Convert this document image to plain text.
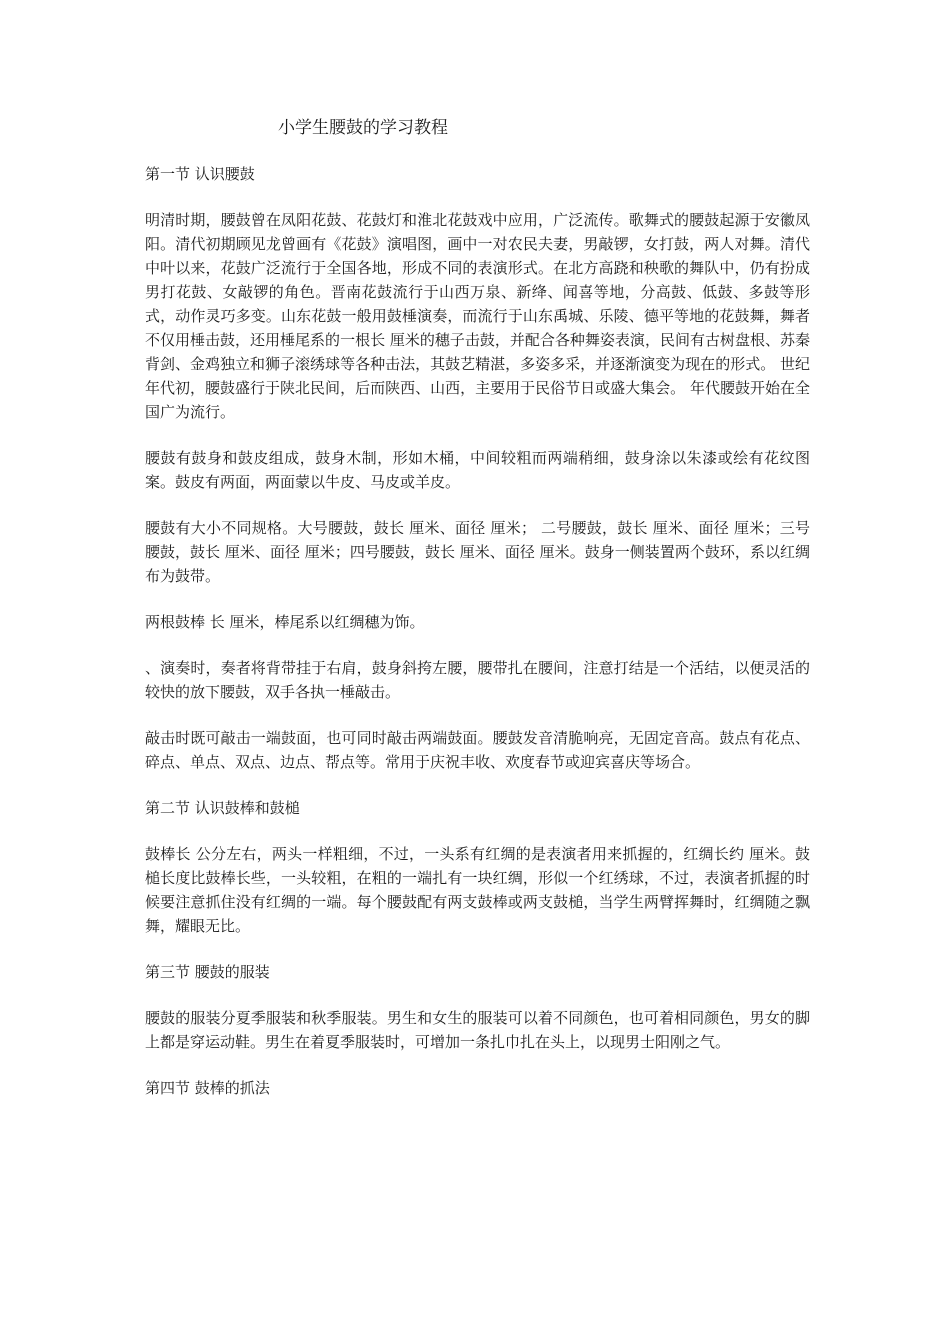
小学生腰鼓的学习教程
第一节 认识腰鼓

明清时期，腰鼓曾在凤阳花鼓、花鼓灯和淮北花鼓戏中应用，广泛流传。歌舞式的腰鼓起源于安徽凤阳。清代初期顾见龙曾画有《花鼓》演唱图，画中一对农民夫妻，男敲锣，女打鼓，两人对舞。清代中叶以来，花鼓广泛流行于全国各地，形成不同的表演形式。在北方高跷和秧歌的舞队中，仍有扮成男打花鼓、女敲锣的角色。晋南花鼓流行于山西万泉、新绛、闻喜等地，分高鼓、低鼓、多鼓等形式，动作灵巧多变。山东花鼓一般用鼓棰演奏，而流行于山东禹城、乐陵、德平等地的花鼓舞，舞者不仅用棰击鼓，还用棰尾系的一根长 厘米的穗子击鼓，并配合各种舞姿表演，民间有古树盘根、苏秦背剑、金鸡独立和狮子滚绣球等各种击法，其鼓艺精湛，多姿多采，并逐渐演变为现在的形式。 世纪 年代初，腰鼓盛行于陕北民间，后而陕西、山西，主要用于民俗节日或盛大集会。 年代腰鼓开始在全国广为流行。

腰鼓有鼓身和鼓皮组成，鼓身木制，形如木桶，中间较粗而两端稍细，鼓身涂以朱漆或绘有花纹图案。鼓皮有两面，两面蒙以牛皮、马皮或羊皮。

腰鼓有大小不同规格。大号腰鼓，鼓长 厘米、面径 厘米； 二号腰鼓，鼓长 厘米、面径 厘米；三号腰鼓，鼓长 厘米、面径 厘米；四号腰鼓，鼓长 厘米、面径 厘米。鼓身一侧装置两个鼓环，系以红绸布为鼓带。

两根鼓棒 长 厘米，棒尾系以红绸穗为饰。

、演奏时，奏者将背带挂于右肩，鼓身斜挎左腰，腰带扎在腰间，注意打结是一个活结，以便灵活的较快的放下腰鼓，双手各执一棰敲击。

敲击时既可敲击一端鼓面，也可同时敲击两端鼓面。腰鼓发音清脆响亮，无固定音高。鼓点有花点、碎点、单点、双点、边点、帮点等。常用于庆祝丰收、欢度春节或迎宾喜庆等场合。

第二节 认识鼓棒和鼓槌

鼓棒长 公分左右，两头一样粗细，不过，一头系有红绸的是表演者用来抓握的，红绸长约 厘米。鼓槌长度比鼓棒长些，一头较粗，在粗的一端扎有一块红绸，形似一个红绣球，不过，表演者抓握的时候要注意抓住没有红绸的一端。每个腰鼓配有两支鼓棒或两支鼓槌，当学生两臂挥舞时，红绸随之飘舞，耀眼无比。

第三节 腰鼓的服装

腰鼓的服装分夏季服装和秋季服装。男生和女生的服装可以着不同颜色，也可着相同颜色，男女的脚上都是穿运动鞋。男生在着夏季服装时，可增加一条扎巾扎在头上，以现男士阳刚之气。

第四节 鼓棒的抓法
